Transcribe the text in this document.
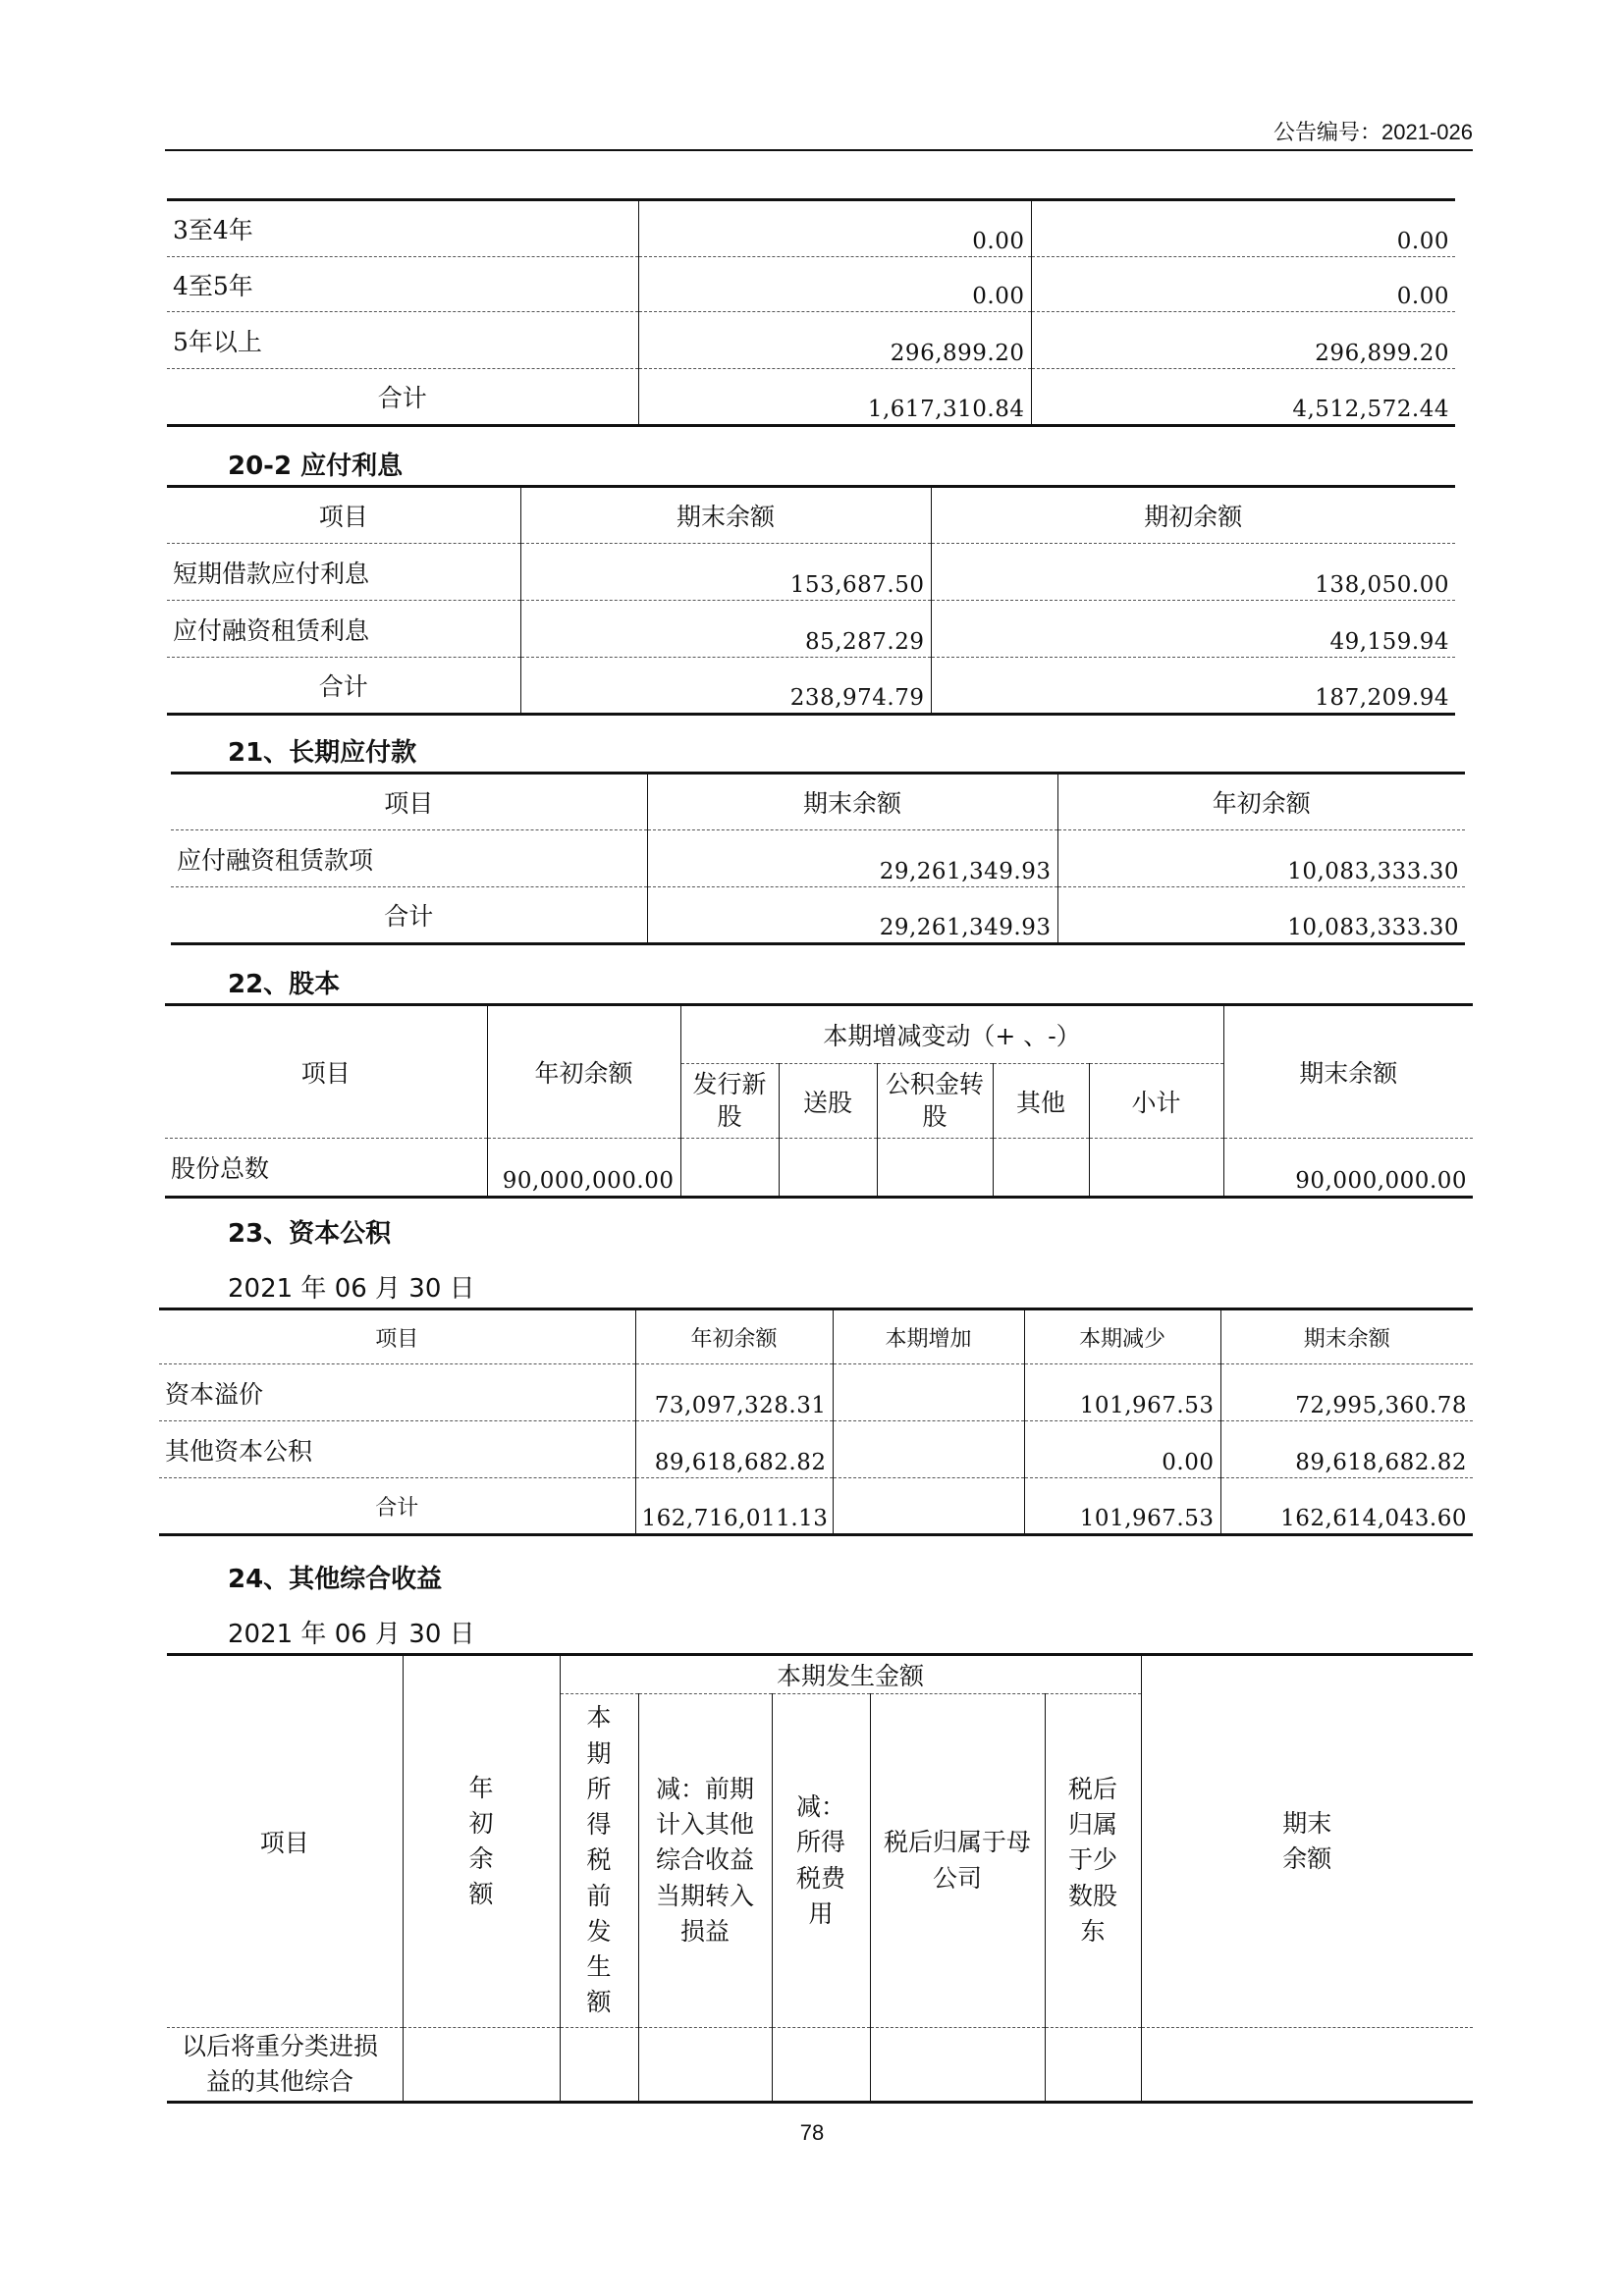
公告编号：2021-026
3至4年	0.00	0.00
4至5年	0.00	0.00
5年以上	296,899.20	296,899.20
合计	1,617,310.84	4,512,572.44
20-2 应付利息
项目	期末余额	期初余额
短期借款应付利息	153,687.50	138,050.00
应付融资租赁利息	85,287.29	49,159.94
合计	238,974.79	187,209.94
21、长期应付款
项目	期末余额	年初余额
应付融资租赁款项	29,261,349.93	10,083,333.30
合计	29,261,349.93	10,083,333.30
22、股本
项目	年初余额	本期增减变动（+ 、-）					期末余额
		发行新股	送股	公积金转股	其他	小计	
股份总数	90,000,000.00						90,000,000.00
23、资本公积
2021 年 06 月 30 日
项目	年初余额	本期增加	本期减少	期末余额
资本溢价	73,097,328.31		101,967.53	72,995,360.78
其他资本公积	89,618,682.82		0.00	89,618,682.82
合计	162,716,011.13		101,967.53	162,614,043.60
24、其他综合收益
2021 年 06 月 30 日
项目	年初余额	本期发生金额					期末余额

		本期所得税前发生额	减：前期计入其他综合收益当期转入损益	减：所得税费用	税后归属于母公司	税后归属于少数股东	

以后将重分类进损益的其他综合							

78
